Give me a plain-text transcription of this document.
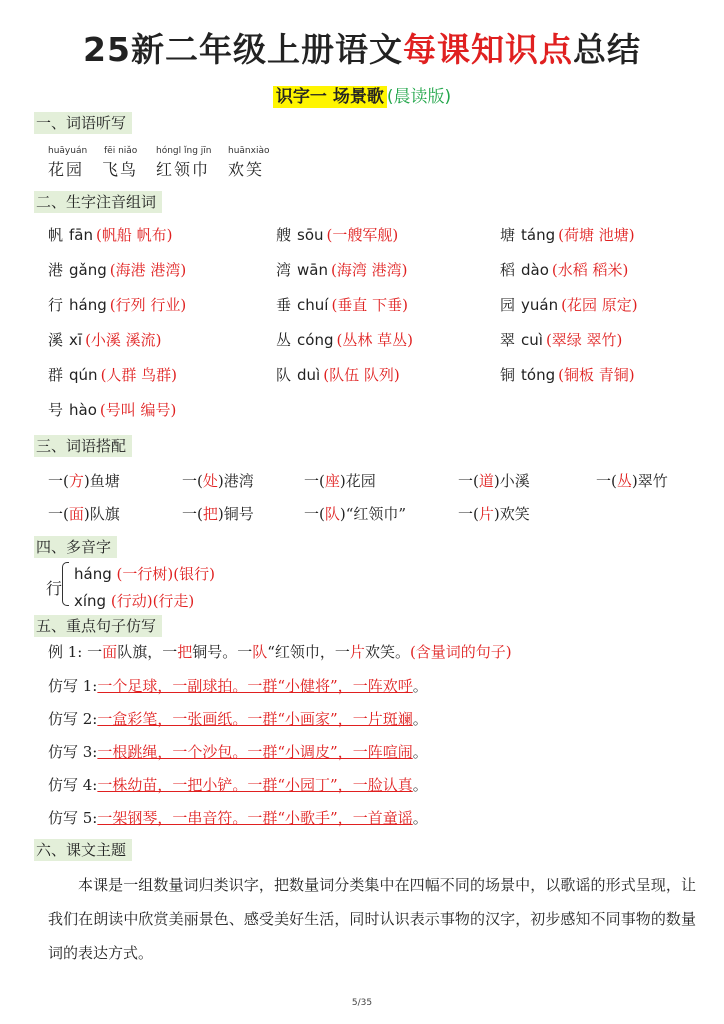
25新二年级上册语文每课知识点总结
识字一 场景歌 (晨读版)
一、词语听写
huāyuán
花园
fēi niǎo
飞鸟
hóngl ǐng jīn
红领巾
huānxiào
欢笑
二、生字注音组词
帆 fān (帆船 帆布)	艘 sōu (一艘军舰)	塘 táng (荷塘 池塘)
港 gǎng (海港 港湾)	湾 wān (海湾 港湾)	稻 dào (水稻 稻米)
行 háng (行列 行业)	垂 chuí (垂直 下垂)	园 yuán (花园 原定)
溪 xī (小溪 溪流)	丛 cóng (丛林 草丛)	翠 cuì (翠绿 翠竹)
群 qún (人群 鸟群)	队 duì (队伍 队列)	铜 tóng (铜板 青铜)
号 hào (号叫 编号)
三、词语搭配
一(方)鱼塘	一(处)港湾	一(座)花园	一(道)小溪	一(丛)翠竹
一(面)队旗	一(把)铜号	一(队)“红领巾”	一(片)欢笑
四、多音字
行
háng (一行树)(银行)
xíng (行动)(行走)
五、重点句子仿写
例 1: 一面队旗，一把铜号。一队“红领巾，一片欢笑。(含量词的句子)
仿写 1:一个足球，一副球拍。一群“小健将”，一阵欢呼。
仿写 2:一盒彩笔，一张画纸。一群“小画家”，一片斑斓。
仿写 3:一根跳绳，一个沙包。一群“小调皮”，一阵喧闹。
仿写 4:一株幼苗，一把小铲。一群“小园丁”，一脸认真。
仿写 5:一架钢琴，一串音符。一群“小歌手”，一首童谣。
六、课文主题
本课是一组数量词归类识字，把数量词分类集中在四幅不同的场景中，以歌谣的形式呈现，让我们在朗读中欣赏美丽景色、感受美好生活，同时认识表示事物的汉字，初步感知不同事物的数量词的表达方式。
5/35
